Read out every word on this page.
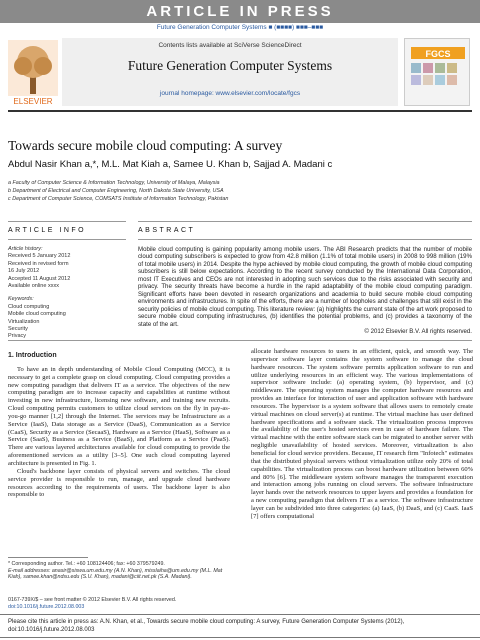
ARTICLE IN PRESS
Future Generation Computer Systems ■ (■■■■) ■■■–■■■
ELSEVIER
Contents lists available at SciVerse ScienceDirect
Future Generation Computer Systems
journal homepage: www.elsevier.com/locate/fgcs
FGCS
Towards secure mobile cloud computing: A survey
Abdul Nasir Khan a,*, M.L. Mat Kiah a, Samee U. Khan b, Sajjad A. Madani c
a Faculty of Computer Science & Information Technology, University of Malaya, Malaysia
b Department of Electrical and Computer Engineering, North Dakota State University, USA
c Department of Computer Science, COMSATS Institute of Information Technology, Pakistan
ARTICLE INFO	ABSTRACT
Article history:
Received 5 January 2012
Received in revised form
16 July 2012
Accepted 11 August 2012
Available online xxxx
Keywords:
Cloud computing
Mobile cloud computing
Virtualization
Security
Privacy

Mobile cloud computing is gaining popularity among mobile users. The ABI Research predicts that the number of mobile cloud computing subscribers is expected to grow from 42.8 million (1.1% of total mobile users) in 2008 to 998 million (19% of total mobile users) in 2014. Despite the hype achieved by mobile cloud computing, the growth of mobile cloud computing subscribers is still below expectations. According to the recent survey conducted by the International Data Corporation, most IT Executives and CEOs are not interested in adopting such services due to the risks associated with security and privacy. The security threats have become a hurdle in the rapid adaptability of the mobile cloud computing paradigm. Significant efforts have been devoted in research organizations and academia to build secure mobile cloud computing environments and infrastructures. In spite of the efforts, there are a number of loopholes and challenges that still exist in the security policies of mobile cloud computing. This literature review: (a) highlights the current state of the art work proposed to secure mobile cloud computing infrastructures, (b) identifies the potential problems, and (c) provides a taxonomy of the state of the art.

© 2012 Elsevier B.V. All rights reserved.

1. Introduction

To have an in depth understanding of Mobile Cloud Computing (MCC), it is necessary to get a complete grasp on cloud computing. Cloud computing provides a new computing paradigm that delivers IT as a service. The objectives of the new computing paradigm are to increase capacity and capabilities at runtime without investing in new infrastructure, licensing new software, and training new recruits. Cloud computing permits customers to utilize cloud services on the fly in pay-as-you-go manner [1,2] through the Internet. The services may be Infrastructure as a Service (IaaS), Data storage as a Service (DaaS), Communication as a Service (CaaS), Security as a Service (SecaaS), Hardware as a Service (HaaS), Software as a Service (SaaS), Business as a Service (BaaS), and Platform as a Service (PaaS). There are various layered architectures available for cloud computing to provide the aforementioned services as a utility [3–5]. One such cloud computing layered architecture is presented in Fig. 1.

Cloud's backbone layer consists of physical servers and switches. The cloud service provider is responsible to run, manage, and upgrade cloud hardware resources according to the requirements of users. The backbone layer is also responsible to

allocate hardware resources to users in an efficient, quick, and smooth way. The supervisor software layer contains the system software to manage the cloud hardware resources. The system software permits application software to run and utilize underlying resources in an efficient way. The various implementations of supervisor software include: (a) operating system, (b) hypervisor, and (c) middleware. The operating system manages the computer hardware resources and provides an interface for interaction of user and application software with hardware resources. The hypervisor is a system software that allows users to remotely create virtual machines on cloud server(s) at runtime. The virtual machine has user defined hardware specifications and a software stack. The virtualization process improves the availability of the user's hosted services even in case of hardware failure. The virtual machine with the entire software stack can be migrated to another server with negligible unavailability of hosted services. Moreover, virtualization is also beneficial for cloud service providers. Because, IT research firm "Infotech" estimates that the distributed physical servers without virtualization utilize only 20% of total capabilities. The virtualization process can boost hardware utilization between 60% and 80% [6]. The middleware system software manages the transparent execution and interaction among jobs running on cloud servers. The software infrastructure layer hands over the network resources to upper layers and provides a foundation for a new computing paradigm that delivers IT as a service. The software infrastructure layer can be subdivided into three categories: (a) IaaS, (b) DaaS, and (c) CaaS. IaaS [7] offers computational

* Corresponding author. Tel.: +60 108124406; fax: +60 379579249.
E-mail addresses: anasir@siswa.um.edu.my (A.N. Khan), misslaiha@um.edu.my (M.L. Mat Kiah), samee.khan@ndsu.edu (S.U. Khan), madani@ciit.net.pk (S.A. Madani).
0167-739X/$ – see front matter © 2012 Elsevier B.V. All rights reserved.
doi:10.1016/j.future.2012.08.003
Please cite this article in press as: A.N. Khan, et al., Towards secure mobile cloud computing: A survey, Future Generation Computer Systems (2012), doi:10.1016/j.future.2012.08.003
